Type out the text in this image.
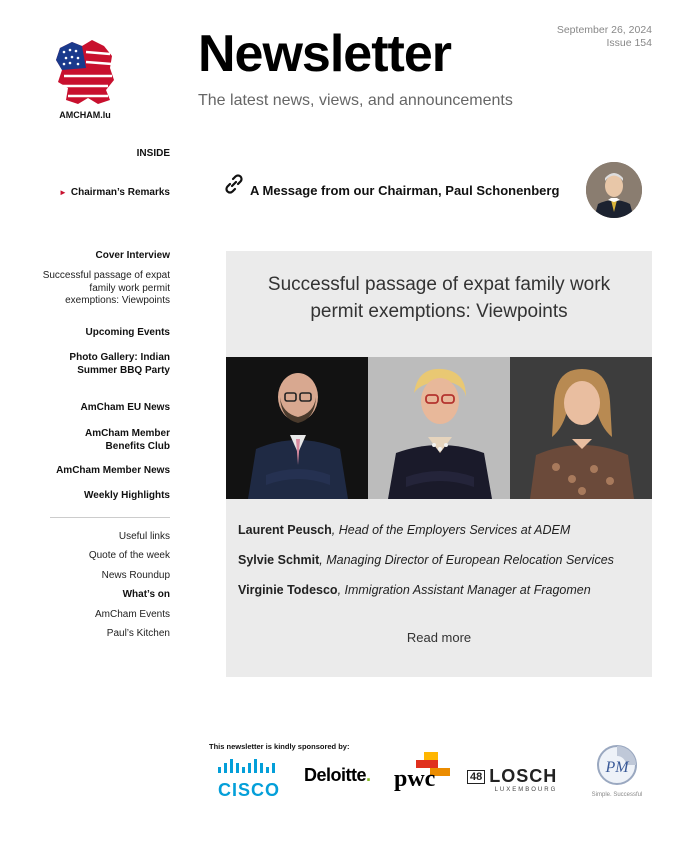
AMCHAM.lu
Newsletter
The latest news, views, and announcements
September 26, 2024
Issue 154
INSIDE
► Chairman’s Remarks
Cover Interview
Successful passage of expat family work permit exemptions: Viewpoints
Upcoming Events
Photo Gallery: Indian Summer BBQ Party
AmCham EU News
AmCham Member Benefits Club
AmCham Member News
Weekly Highlights
Useful links
Quote of the week
News Roundup
What’s on
AmCham Events
Paul’s Kitchen
A Message from our Chairman, Paul Schonenberg
Successful passage of expat family work permit exemptions: Viewpoints
Laurent Peusch, Head of the Employers Services at ADEM
Sylvie Schmit, Managing Director of European Relocation Services
Virginie Todesco, Immigration Assistant Manager at Fragomen
Read more
This newsletter is kindly sponsored by:
CISCO
Deloitte. pwc	48 LOSCH
LUXEMBOURG
PM
Simple. Successful
